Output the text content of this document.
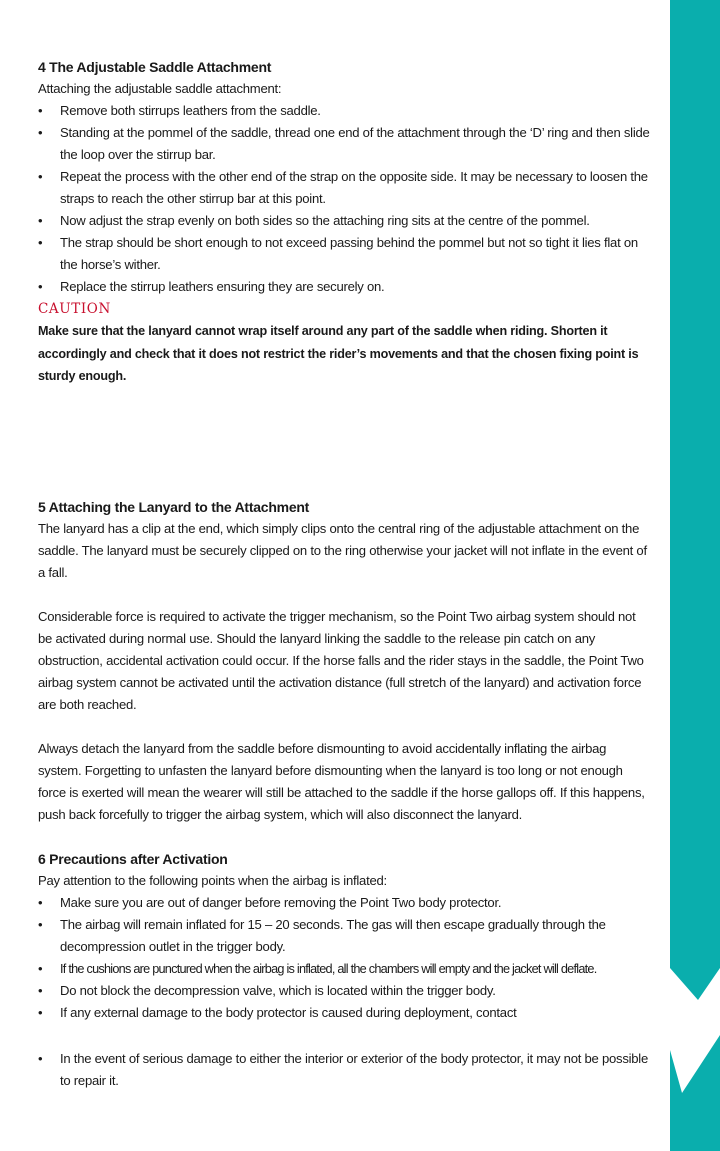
4 The Adjustable Saddle Attachment

Attaching the adjustable saddle attachment:

• Remove both stirrups leathers from the saddle.
• Standing at the pommel of the saddle, thread one end of the attachment through the ‘D’ ring and then slide the loop over the stirrup bar.
• Repeat the process with the other end of the strap on the opposite side. It may be necessary to loosen the straps to reach the other stirrup bar at this point.
• Now adjust the strap evenly on both sides so the attaching ring sits at the centre of the pommel.
• The strap should be short enough to not exceed passing behind the pommel but not so tight it lies flat on the horse’s wither.
• Replace the stirrup leathers ensuring they are securely on.

CAUTION

Make sure that the lanyard cannot wrap itself around any part of the saddle when riding. Shorten it accordingly and check that it does not restrict the rider’s movements and that the chosen fixing point is sturdy enough.

5 Attaching the Lanyard to the Attachment

The lanyard has a clip at the end, which simply clips onto the central ring of the adjustable attachment on the saddle. The lanyard must be securely clipped on to the ring otherwise your jacket will not inflate in the event of a fall.

Considerable force is required to activate the trigger mechanism, so the Point Two airbag system should not be activated during normal use. Should the lanyard linking the saddle to the release pin catch on any obstruction, accidental activation could occur. If the horse falls and the rider stays in the saddle, the Point Two airbag system cannot be activated until the activation distance (full stretch of the lanyard) and activation force are both reached.

Always detach the lanyard from the saddle before dismounting to avoid accidentally inflating the airbag system. Forgetting to unfasten the lanyard before dismounting when the lanyard is too long or not enough force is exerted will mean the wearer will still be attached to the saddle if the horse gallops off. If this happens, push back forcefully to trigger the airbag system, which will also disconnect the lanyard.

6 Precautions after Activation

Pay attention to the following points when the airbag is inflated:

• Make sure you are out of danger before removing the Point Two body protector.
• The airbag will remain inflated for 15 – 20 seconds. The gas will then escape gradually through the decompression outlet in the trigger body.
• If the cushions are punctured when the airbag is inflated, all the chambers will empty and the jacket will deflate.
• Do not block the decompression valve, which is located within the trigger body.
• If any external damage to the body protector is caused during deployment, contact
• In the event of serious damage to either the interior or exterior of the body protector, it may not be possible to repair it.
